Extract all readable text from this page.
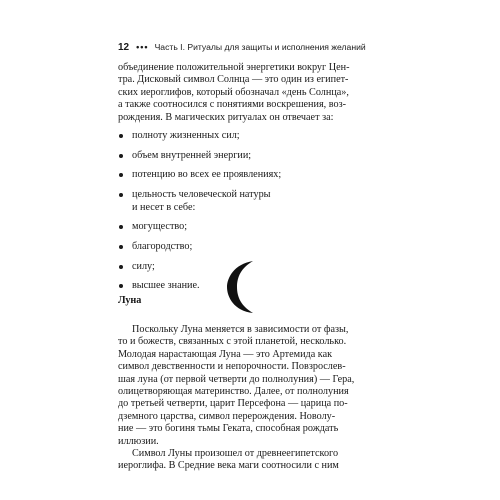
12 ••• Часть I. Ритуалы для защиты и исполнения желаний

объединение положительной энергетики вокруг Цен-
тра. Дисковый символ Солнца — это один из египет-
ских иероглифов, который обозначал «день Солнца»,
а также соотносился с понятиями воскрешения, воз-
рождения. В магических ритуалах он отвечает за:

полноту жизненных сил;
объем внутренней энергии;
потенцию во всех ее проявлениях;
цельность человеческой натуры
и несет в себе:
могущество;
благородство;
силу;
высшее знание.
Луна

Поскольку Луна меняется в зависимости от фазы,
то и божеств, связанных с этой планетой, несколько.
Молодая нарастающая Луна — это Артемида как
символ девственности и непорочности. Повзрослев-
шая луна (от первой четверти до полнолуния) — Гера,
олицетворяющая материнство. Далее, от полнолуния
до третьей четверти, царит Персефона — царица по-
дземного царства, символ перерождения. Новолу-
ние — это богиня тьмы Геката, способная рождать
иллюзии.

Символ Луны произошел от древнеегипетского
иероглифа. В Средние века маги соотносили с ним
